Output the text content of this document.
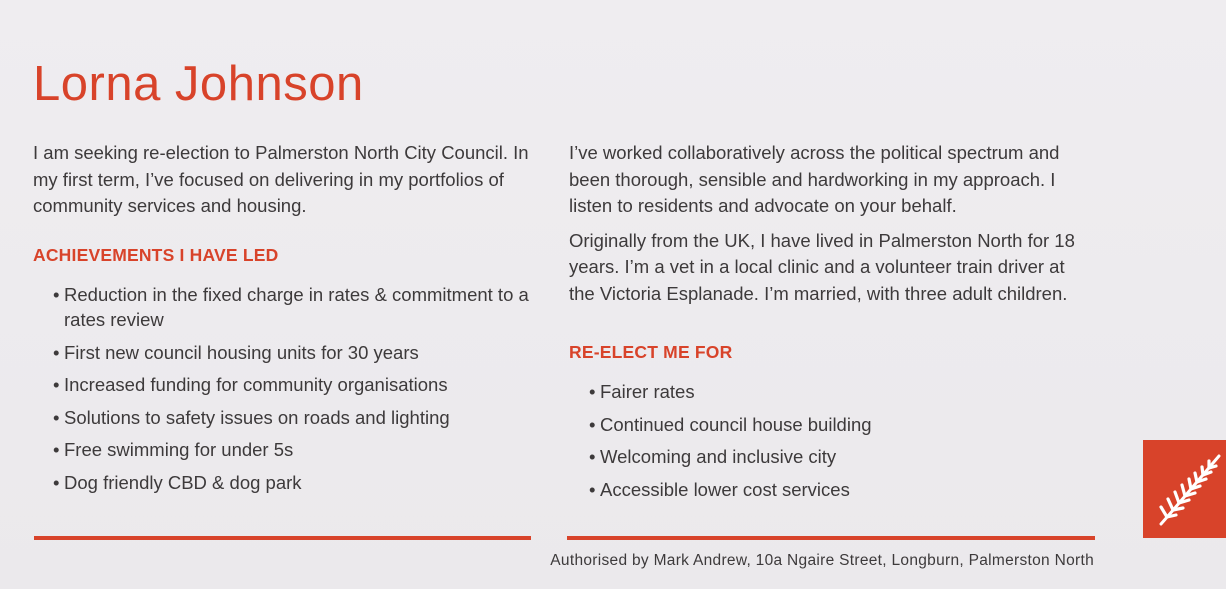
Lorna Johnson

I am seeking re-election to Palmerston North City Council. In my first term, I’ve focused on delivering in my portfolios of community services and housing.

ACHIEVEMENTS I HAVE LED
• Reduction in the fixed charge in rates & commitment to a rates review
• First new council housing units for 30 years
• Increased funding for community organisations
• Solutions to safety issues on roads and lighting
• Free swimming for under 5s
• Dog friendly CBD & dog park

I’ve worked collaboratively across the political spectrum and been thorough, sensible and hardworking in my approach. I listen to residents and advocate on your behalf.

Originally from the UK, I have lived in Palmerston North for 18 years. I’m a vet in a local clinic and a volunteer train driver at the Victoria Esplanade. I’m married, with three adult children.

RE-ELECT ME FOR
• Fairer rates
• Continued council house building
• Welcoming and inclusive city
• Accessible lower cost services
Authorised by Mark Andrew, 10a Ngaire Street, Longburn, Palmerston North
